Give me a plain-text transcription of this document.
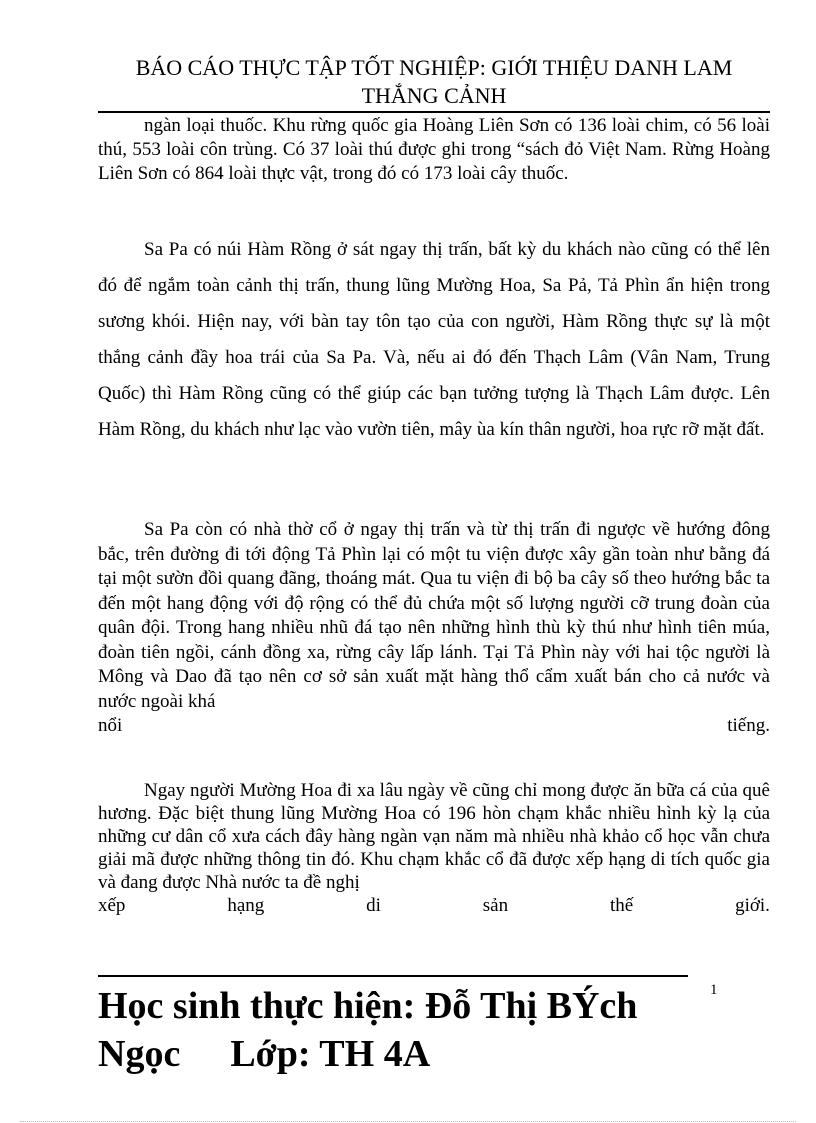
BÁO CÁO THỰC TẬP TỐT NGHIỆP: GIỚI THIỆU DANH LAM
THẮNG CẢNH

ngàn loại thuốc. Khu rừng quốc gia Hoàng Liên Sơn có 136 loài chim, có 56 loài thú, 553 loài côn trùng. Có 37 loài thú được ghi trong “sách đỏ Việt Nam. Rừng Hoàng Liên Sơn có 864 loài thực vật, trong đó có 173 loài cây thuốc.

Sa Pa có núi Hàm Rồng ở sát ngay thị trấn, bất kỳ du khách nào cũng có thể lên đó để ngắm toàn cảnh thị trấn, thung lũng Mường Hoa, Sa Pả, Tả Phìn ẩn hiện trong sương khói. Hiện nay, với bàn tay tôn tạo của con người, Hàm Rồng thực sự là một thắng cảnh đầy hoa trái của Sa Pa. Và, nếu ai đó đến Thạch Lâm (Vân Nam, Trung Quốc) thì Hàm Rồng cũng có thể giúp các bạn tưởng tượng là Thạch Lâm được. Lên Hàm Rồng, du khách như lạc vào vườn tiên, mây ùa kín thân người, hoa rực rỡ mặt đất.

Sa Pa còn có nhà thờ cổ ở ngay thị trấn và từ thị trấn đi ngược về hướng đông bắc, trên đường đi tới động Tả Phìn lại có một tu viện được xây gần toàn như bằng đá tại một sườn đồi quang đãng, thoáng mát. Qua tu viện đi bộ ba cây số theo hướng bắc ta đến một hang động với độ rộng có thể đủ chứa một số lượng người cỡ trung đoàn của quân đội. Trong hang nhiều nhũ đá tạo nên những hình thù kỳ thú như hình tiên múa, đoàn tiên ngồi, cánh đồng xa, rừng cây lấp lánh. Tại Tả Phìn này với hai tộc người là Mông và Dao đã tạo nên cơ sở sản xuất mặt hàng thổ cẩm xuất bán cho cả nước và nước ngoài khá
nổi	tiếng.
Ngay người Mường Hoa đi xa lâu ngày về cũng chỉ mong được ăn bữa cá của quê hương. Đặc biệt thung lũng Mường Hoa có 196 hòn chạm khắc nhiều hình kỳ lạ của những cư dân cổ xưa cách đây hàng ngàn vạn năm mà nhiều nhà khảo cổ học vẫn chưa giải mã được những thông tin đó. Khu chạm khắc cổ đã được xếp hạng di tích quốc gia và đang được Nhà nước ta đề nghị
xếp	hạng	di	sản	thế	giới.
1
Học sinh thực hiện: Đỗ Thị BÝch
Ngọc Lớp: TH 4A
